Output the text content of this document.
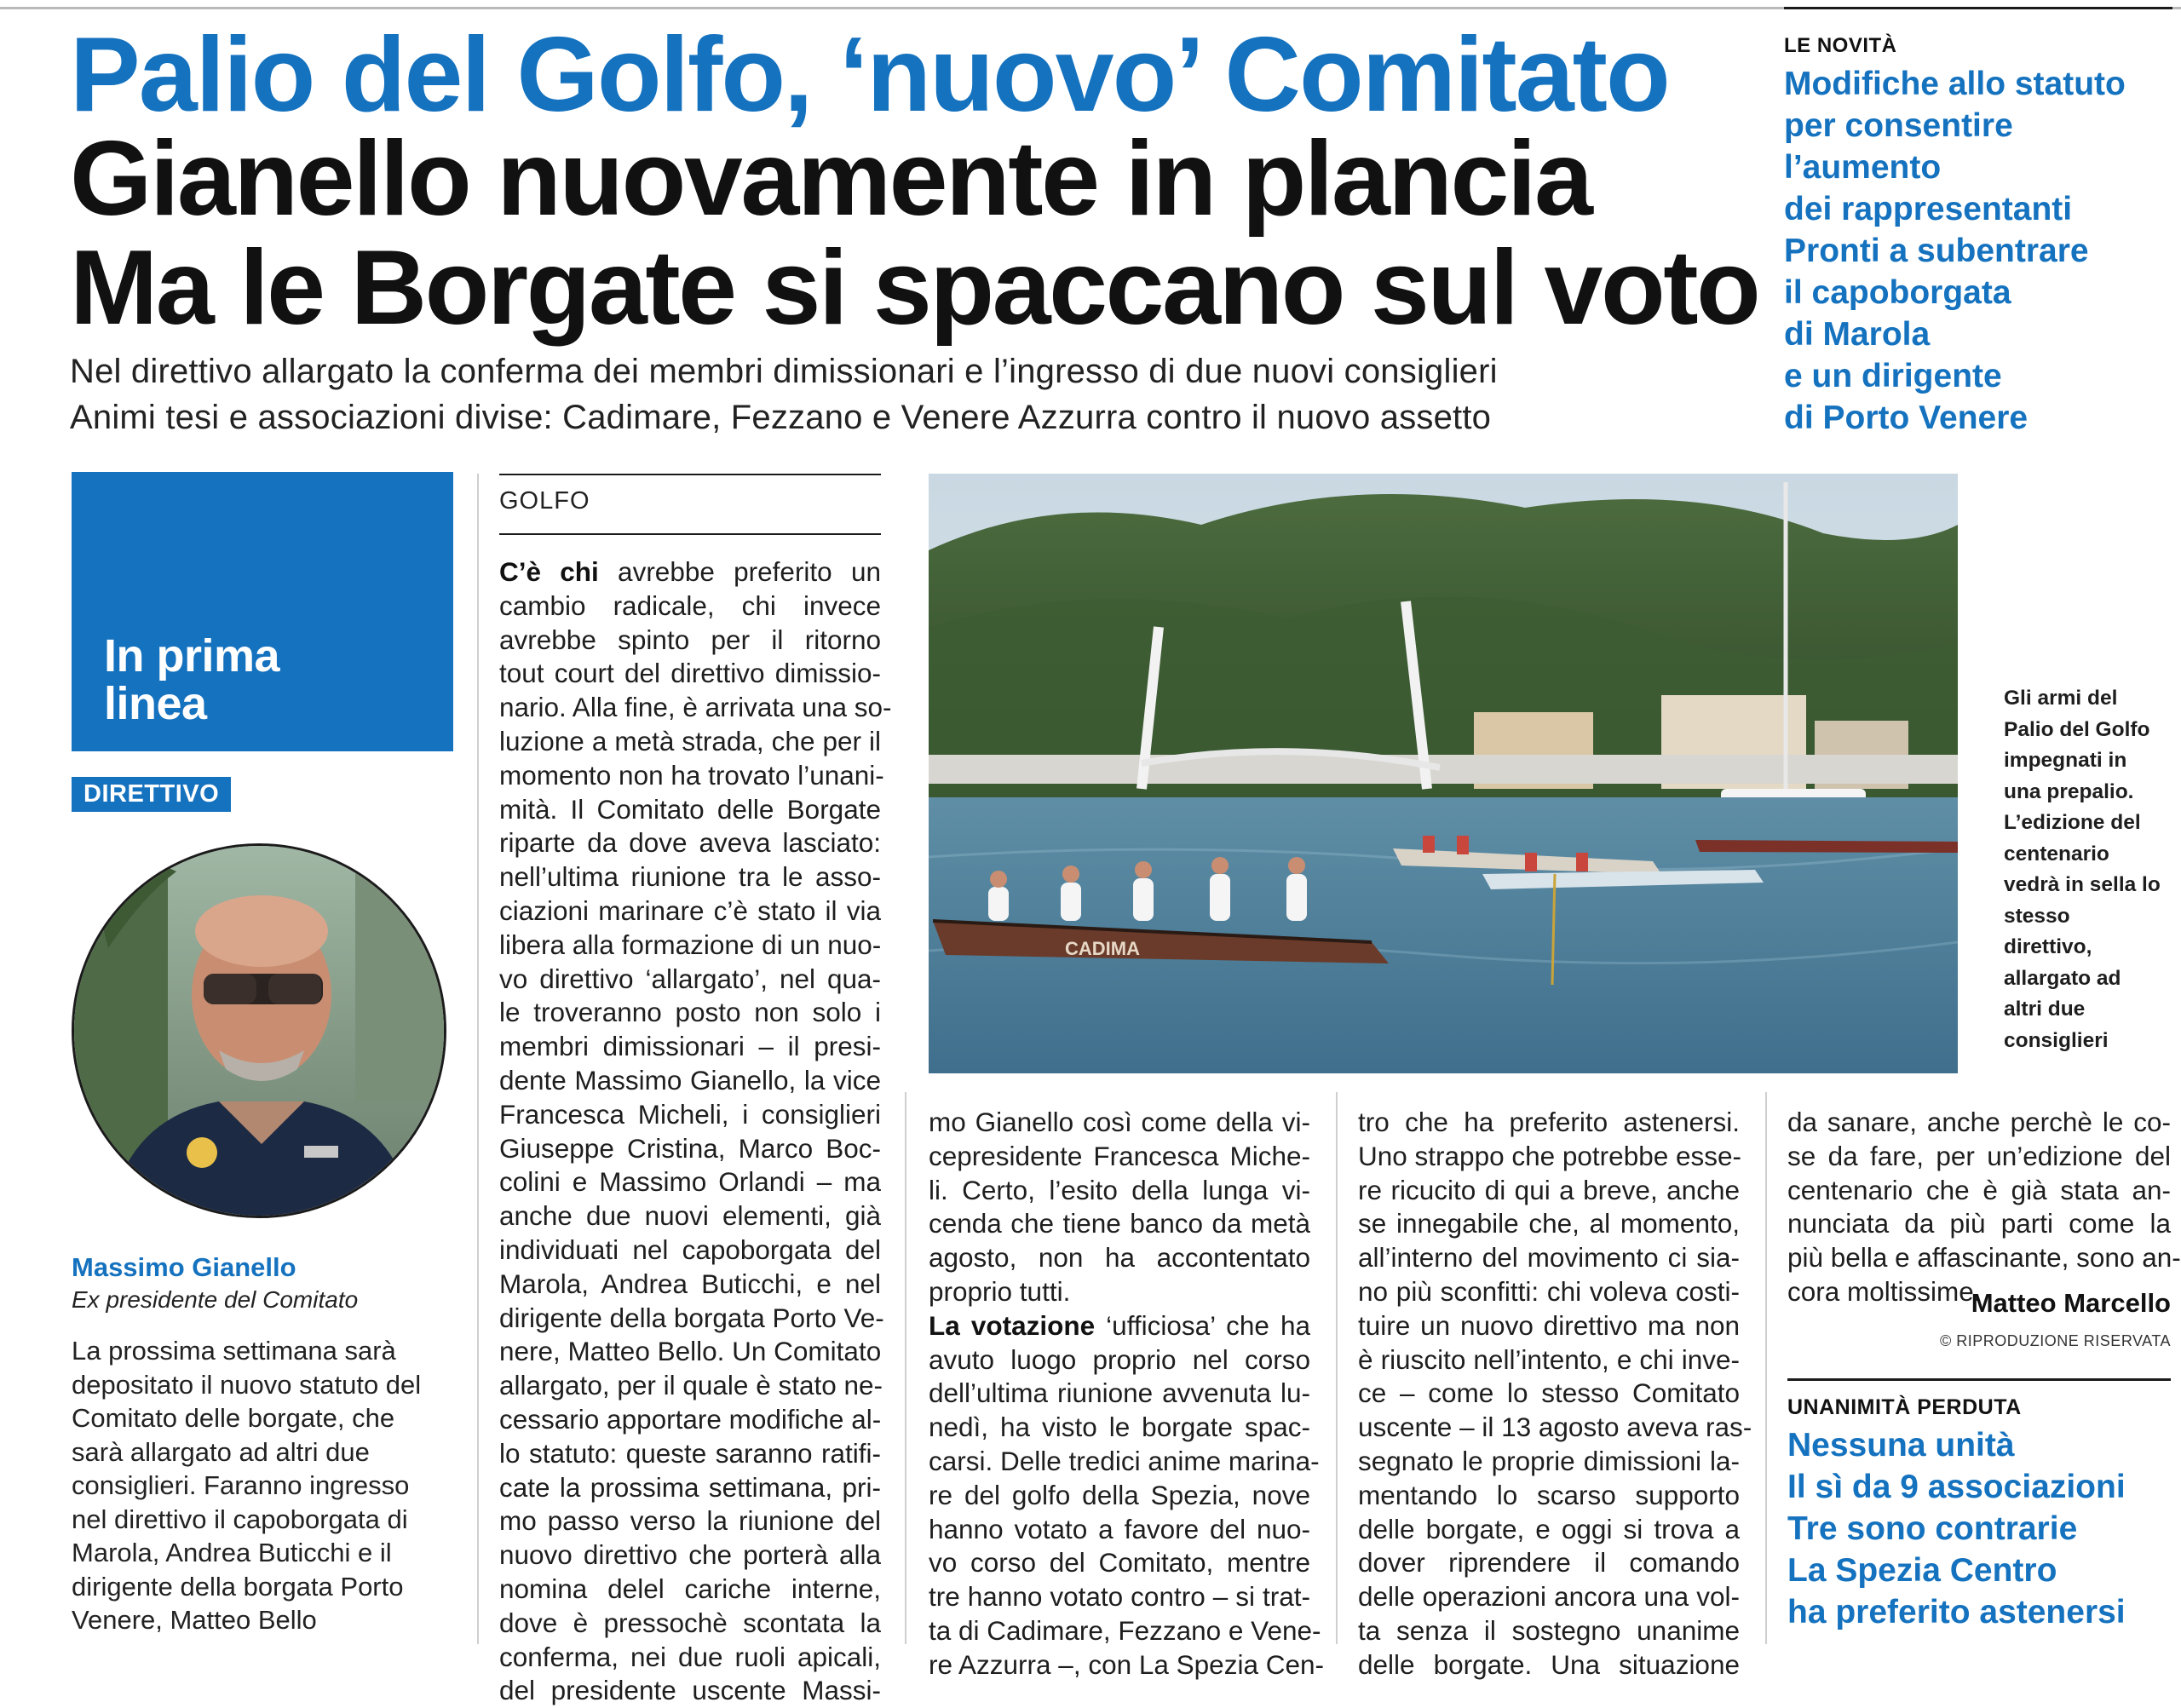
Palio del Golfo, ‘nuovo’ Comitato
Gianello nuovamente in plancia
Ma le Borgate si spaccano sul voto
Nel direttivo allargato la conferma dei membri dimissionari e l’ingresso di due nuovi consiglieri
Animi tesi e associazioni divise: Cadimare, Fezzano e Venere Azzurra contro il nuovo assetto
LE NOVITÀ
Modifiche allo statuto
per consentire
l’aumento
dei rappresentanti
Pronti a subentrare
il capoborgata
di Marola
e un dirigente
di Porto Venere
In prima
linea
DIRETTIVO
Massimo Gianello
Ex presidente del Comitato
La prossima settimana sarà
depositato il nuovo statuto del
Comitato delle borgate, che
sarà allargato ad altri due
consiglieri. Faranno ingresso
nel direttivo il capoborgata di
Marola, Andrea Buticchi e il
dirigente della borgata Porto
Venere, Matteo Bello
GOLFO
C’è chi avrebbe preferito un
cambio radicale, chi invece
avrebbe spinto per il ritorno
tout court del direttivo dimissio-
nario. Alla fine, è arrivata una so-
luzione a metà strada, che per il
momento non ha trovato l’unani-
mità. Il Comitato delle Borgate
riparte da dove aveva lasciato:
nell’ultima riunione tra le asso-
ciazioni marinare c’è stato il via
libera alla formazione di un nuo-
vo direttivo ‘allargato’, nel qua-
le troveranno posto non solo i
membri dimissionari – il presi-
dente Massimo Gianello, la vice
Francesca Micheli, i consiglieri
Giuseppe Cristina, Marco Boc-
colini e Massimo Orlandi – ma
anche due nuovi elementi, già
individuati nel capoborgata del
Marola, Andrea Buticchi, e nel
dirigente della borgata Porto Ve-
nere, Matteo Bello. Un Comitato
allargato, per il quale è stato ne-
cessario apportare modifiche al-
lo statuto: queste saranno ratifi-
cate la prossima settimana, pri-
mo passo verso la riunione del
nuovo direttivo che porterà alla
nomina delel cariche interne,
dove è pressochè scontata la
conferma, nei due ruoli apicali,
del presidente uscente Massi-
CADIMA
Gli armi del
Palio del Golfo
impegnati in
una prepalio.
L’edizione del
centenario
vedrà in sella lo
stesso
direttivo,
allargato ad
altri due
consiglieri
mo Gianello così come della vi-
cepresidente Francesca Miche-
li. Certo, l’esito della lunga vi-
cenda che tiene banco da metà
agosto, non ha accontentato
proprio tutti.
La votazione ‘ufficiosa’ che ha
avuto luogo proprio nel corso
dell’ultima riunione avvenuta lu-
nedì, ha visto le borgate spac-
carsi. Delle tredici anime marina-
re del golfo della Spezia, nove
hanno votato a favore del nuo-
vo corso del Comitato, mentre
tre hanno votato contro – si trat-
ta di Cadimare, Fezzano e Vene-
re Azzurra –, con La Spezia Cen-
tro che ha preferito astenersi.
Uno strappo che potrebbe esse-
re ricucito di qui a breve, anche
se innegabile che, al momento,
all’interno del movimento ci sia-
no più sconfitti: chi voleva costi-
tuire un nuovo direttivo ma non
è riuscito nell’intento, e chi inve-
ce – come lo stesso Comitato
uscente – il 13 agosto aveva ras-
segnato le proprie dimissioni la-
mentando lo scarso supporto
delle borgate, e oggi si trova a
dover riprendere il comando
delle operazioni ancora una vol-
ta senza il sostegno unanime
delle borgate. Una situazione
da sanare, anche perchè le co-
se da fare, per un’edizione del
centenario che è già stata an-
nunciata da più parti come la
più bella e affascinante, sono an-
cora moltissime.
Matteo Marcello
© RIPRODUZIONE RISERVATA
UNANIMITÀ PERDUTA
Nessuna unità
Il sì da 9 associazioni
Tre sono contrarie
La Spezia Centro
ha preferito astenersi
